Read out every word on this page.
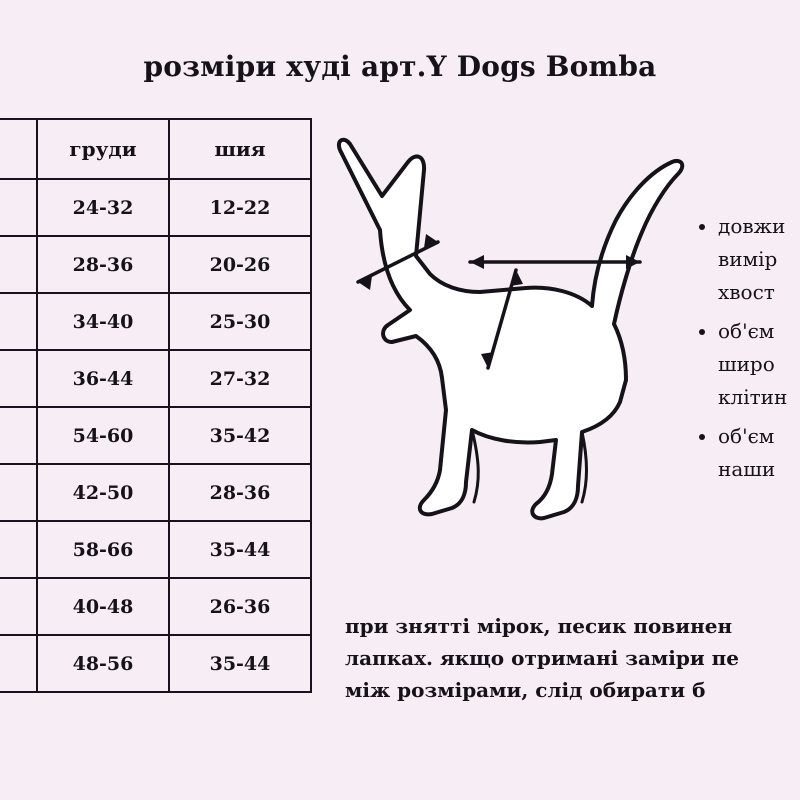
розміри худі арт.Y Dogs Bomba
	груди	шия
	24-32	12-22
	28-36	20-26
	34-40	25-30
	36-44	27-32
	54-60	35-42
	42-50	28-36
	58-66	35-44
	40-48	26-36
	48-56	35-44
• довжи
вимір
хвост
• об'єм
широ
клітин
• об'єм
наши
при знятті мірок, песик повинен
лапках. якщо отримані заміри пе
між розмірами, слід обирати б
